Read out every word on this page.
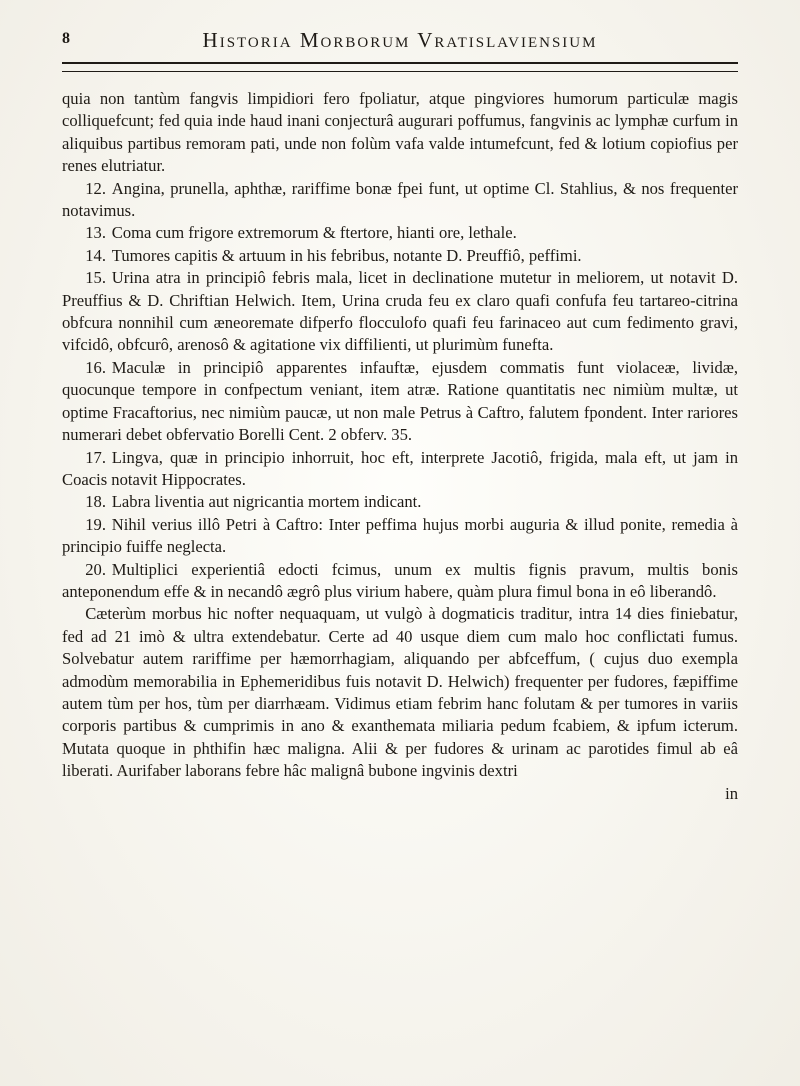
8	Historia Morborum Vratislaviensium

quia non tantùm fangvis limpidiori fero fpoliatur, atque pingviores humorum particulæ magis colliquefcunt; fed quia inde haud inani conjecturâ augurari poffumus, fangvinis ac lymphæ curfum in aliquibus partibus remoram pati, unde non folùm vafa valde intumefcunt, fed & lotium copiofius per renes elutriatur.

12. Angina, prunella, aphthæ, rariffime bonæ fpei funt, ut optime Cl. Stahlius, & nos frequenter notavimus.

13. Coma cum frigore extremorum & ftertore, hianti ore, lethale.

14. Tumores capitis & artuum in his febribus, notante D. Preuffiô, peffimi.

15. Urina atra in principiô febris mala, licet in declinatione mutetur in meliorem, ut notavit D. Preuffius & D. Chriftian Helwich. Item, Urina cruda feu ex claro quafi confufa feu tartareo-citrina obfcura nonnihil cum æneoremate difperfo flocculofo quafi feu farinaceo aut cum fedimento gravi, vifcidô, obfcurô, arenosô & agitatione vix diffilienti, ut plurimùm funefta.

16. Maculæ in principiô apparentes infauftæ, ejusdem commatis funt violaceæ, lividæ, quocunque tempore in confpectum veniant, item atræ. Ratione quantitatis nec nimiùm multæ, ut optime Fracaftorius, nec nimiùm paucæ, ut non male Petrus à Caftro, falutem fpondent. Inter rariores numerari debet obfervatio Borelli Cent. 2 obferv. 35.

17. Lingva, quæ in principio inhorruit, hoc eft, interprete Jacotiô, frigida, mala eft, ut jam in Coacis notavit Hippocrates.

18. Labra liventia aut nigricantia mortem indicant.

19. Nihil verius illô Petri à Caftro: Inter peffima hujus morbi auguria & illud ponite, remedia à principio fuiffe neglecta.

20. Multiplici experientiâ edocti fcimus, unum ex multis fignis pravum, multis bonis anteponendum effe & in necandô ægrô plus virium habere, quàm plura fimul bona in eô liberandô.

Cæterùm morbus hic nofter nequaquam, ut vulgò à dogmaticis traditur, intra 14 dies finiebatur, fed ad 21 imò & ultra extendebatur. Certe ad 40 usque diem cum malo hoc conflictati fumus. Solvebatur autem rariffime per hæmorrhagiam, aliquando per abfceffum, ( cujus duo exempla admodùm memorabilia in Ephemeridibus fuis notavit D. Helwich) frequenter per fudores, fæpiffime autem tùm per hos, tùm per diarrhæam. Vidimus etiam febrim hanc folutam & per tumores in variis corporis partibus & cumprimis in ano & exanthemata miliaria pedum fcabiem, & ipfum icterum. Mutata quoque in phthifin hæc maligna. Alii & per fudores & urinam ac parotides fimul ab eâ liberati. Aurifaber laborans febre hâc malignâ bubone ingvinis dextri

in
